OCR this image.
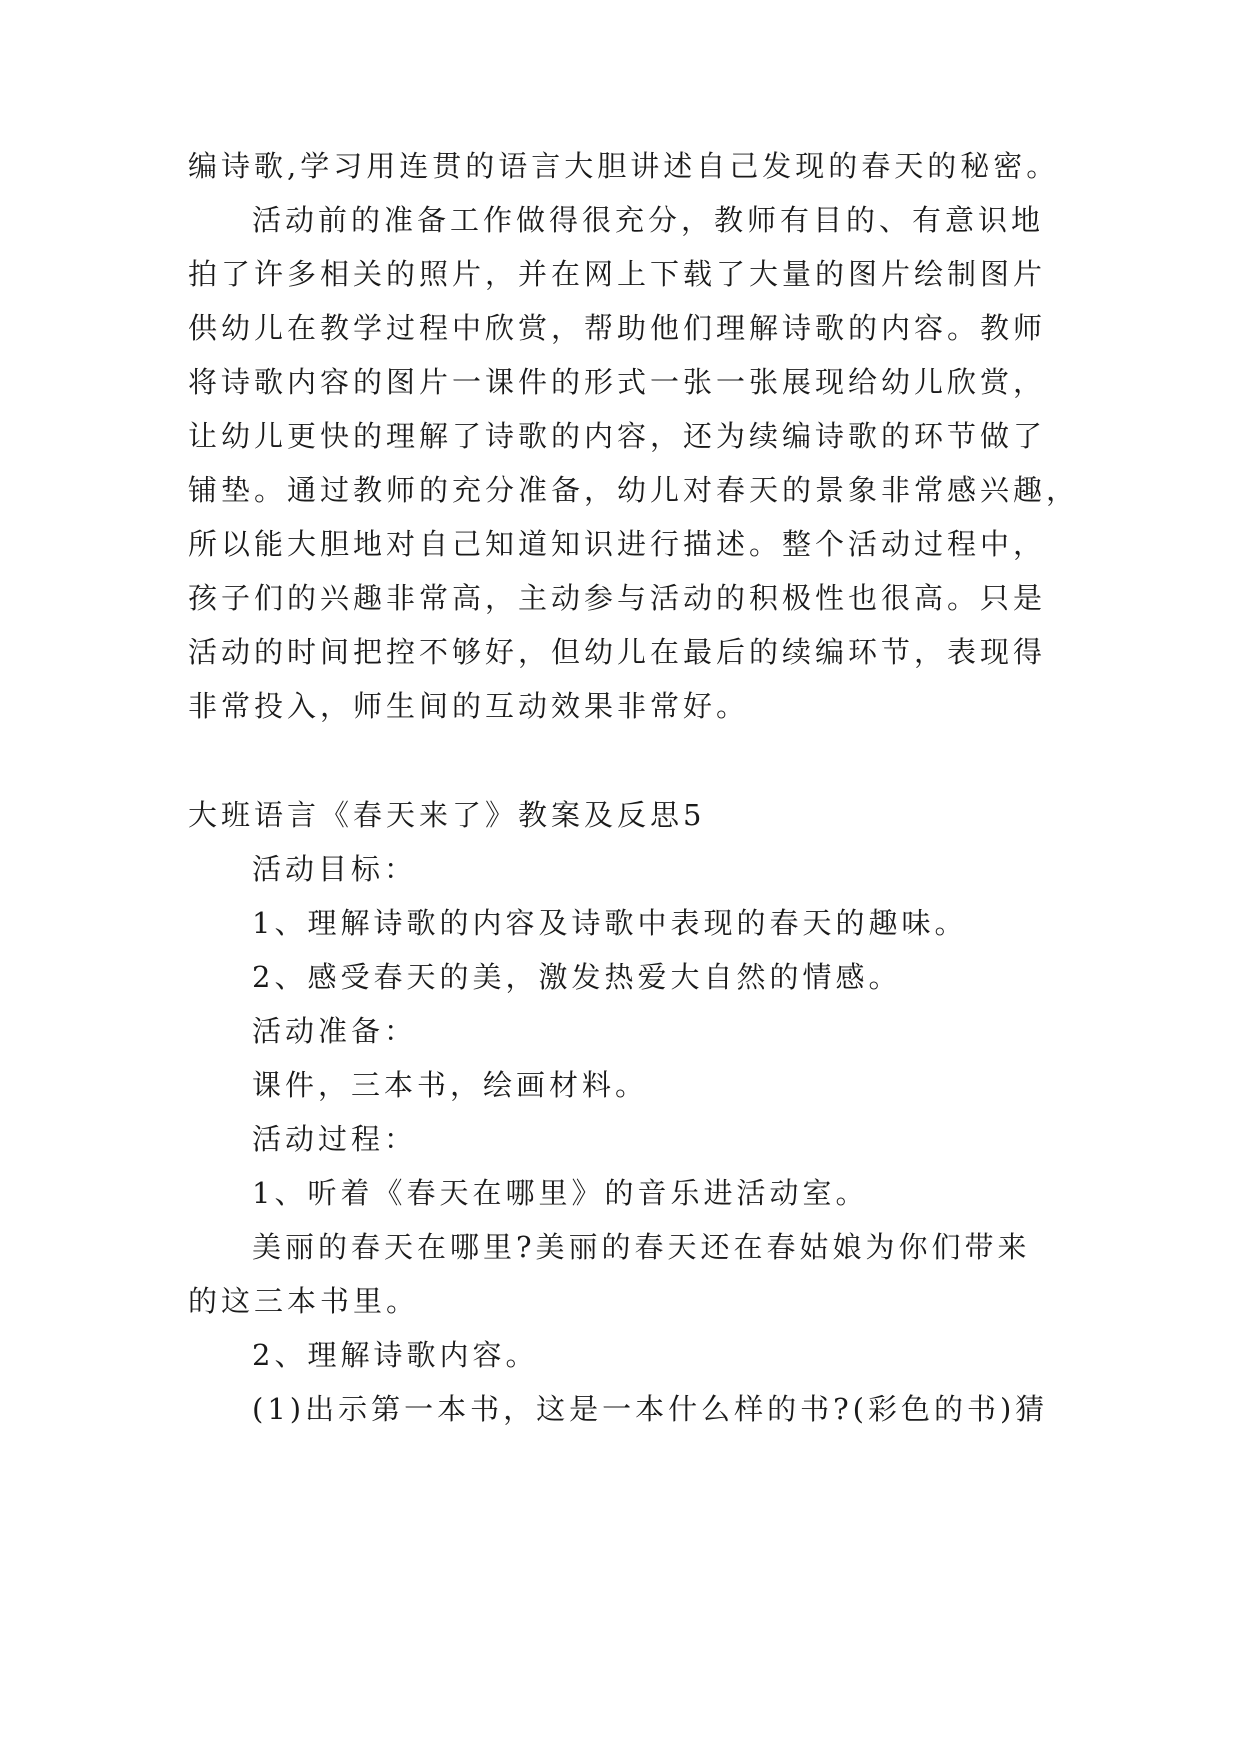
编诗歌,学习用连贯的语言大胆讲述自己发现的春天的秘密。
活动前的准备工作做得很充分，教师有目的、有意识地
拍了许多相关的照片，并在网上下载了大量的图片绘制图片
供幼儿在教学过程中欣赏，帮助他们理解诗歌的内容。教师
将诗歌内容的图片一课件的形式一张一张展现给幼儿欣赏，
让幼儿更快的理解了诗歌的内容，还为续编诗歌的环节做了
铺垫。通过教师的充分准备，幼儿对春天的景象非常感兴趣，
所以能大胆地对自己知道知识进行描述。整个活动过程中，
孩子们的兴趣非常高，主动参与活动的积极性也很高。只是
活动的时间把控不够好，但幼儿在最后的续编环节，表现得
非常投入，师生间的互动效果非常好。
大班语言《春天来了》教案及反思5
活动目标：
1、理解诗歌的内容及诗歌中表现的春天的趣味。
2、感受春天的美，激发热爱大自然的情感。
活动准备：
课件，三本书，绘画材料。
活动过程：
1、听着《春天在哪里》的音乐进活动室。
美丽的春天在哪里?美丽的春天还在春姑娘为你们带来
的这三本书里。
2、理解诗歌内容。
(1)出示第一本书，这是一本什么样的书?(彩色的书)猜
